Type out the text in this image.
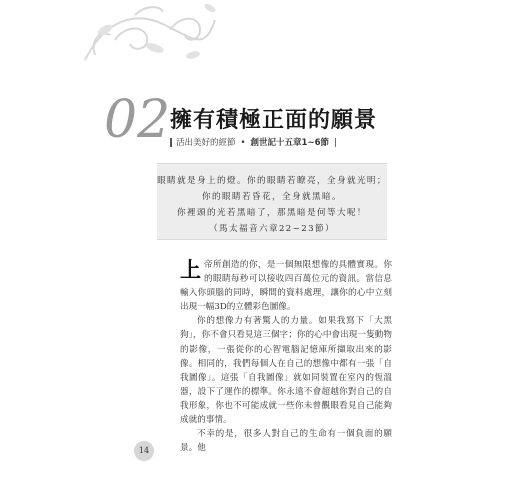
02 擁有積極正面的願景
活出美好的經節 • 創世記十五章1~6節 |
眼睛就是身上的燈。你的眼睛若瞭亮，全身就光明；
你的眼睛若昏花，全身就黑暗。
你裡頭的光若黑暗了，那黑暗是何等大呢！
（馬太福音六章22~23節）

上帝所創造的你，是一個無限想像的具體實現。你的眼睛每秒可以接收四百萬位元的資訊。當信息輸入你頭腦的同時，瞬間的資料處理，讓你的心中立刻出現一幅3D的立體彩色圖像。

你的想像力有著驚人的力量。如果我寫下「大黑狗」，你不會只看見這三個字；你的心中會出現一隻動物的影像，一張從你的心智電腦記憶庫所擷取出來的影像。相同的，我們每個人在自己的想像中都有一張「自我圖像」。這張「自我圖像」就如同裝置在室內的恆溫器，設下了運作的標準。你永遠不會超越你對自己的自我形象，你也不可能成就一些你未曾觀眼看見自己能夠成就的事情。

不幸的是，很多人對自己的生命有一個負面的願景。他

14
